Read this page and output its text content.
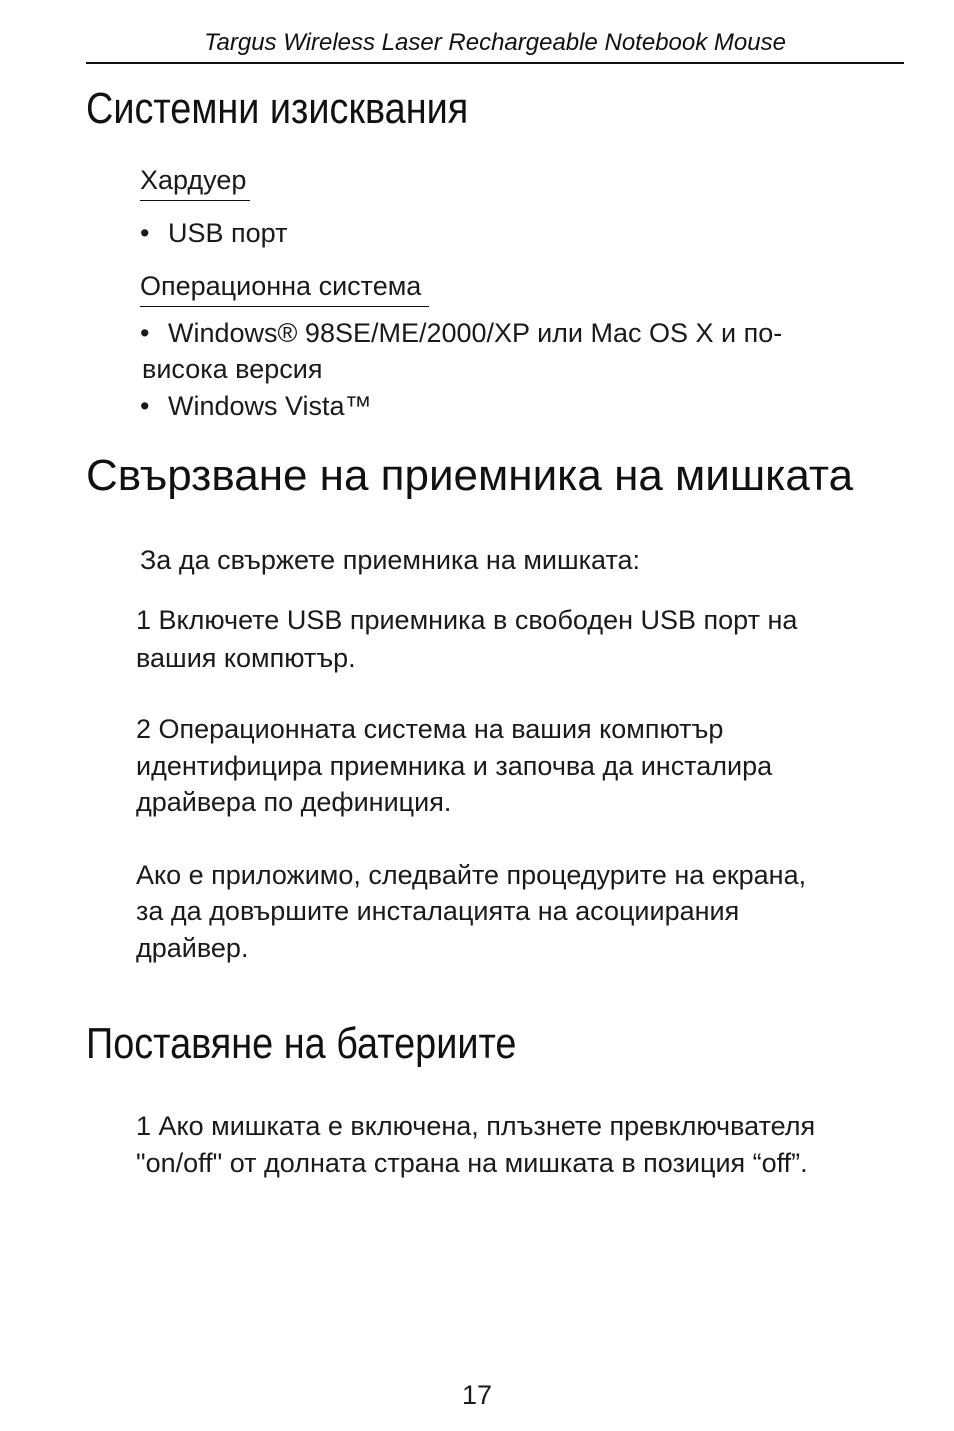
Targus Wireless Laser Rechargeable Notebook Mouse
Системни изисквания
Хардуер
• USB порт
Операционна система
• Windows® 98SE/ME/2000/XP или Mac OS X и по-
висока версия
• Windows Vista™
Свързване на приемника на мишката

За да свържете приемника на мишката:

1 Включете USB приемника в свободен USB порт на

вашия компютър.

2 Операционната система на вашия компютър

идентифицира приемника и започва да инсталира

драйвера по дефиниция.

Ако е приложимо, следвайте процедурите на екрана,

за да довършите инсталацията на асоциирания

драйвер.

Поставяне на батериите

1 Ако мишката е включена, плъзнете превключвателя

"on/off" от долната страна на мишката в позиция “off”.

17
